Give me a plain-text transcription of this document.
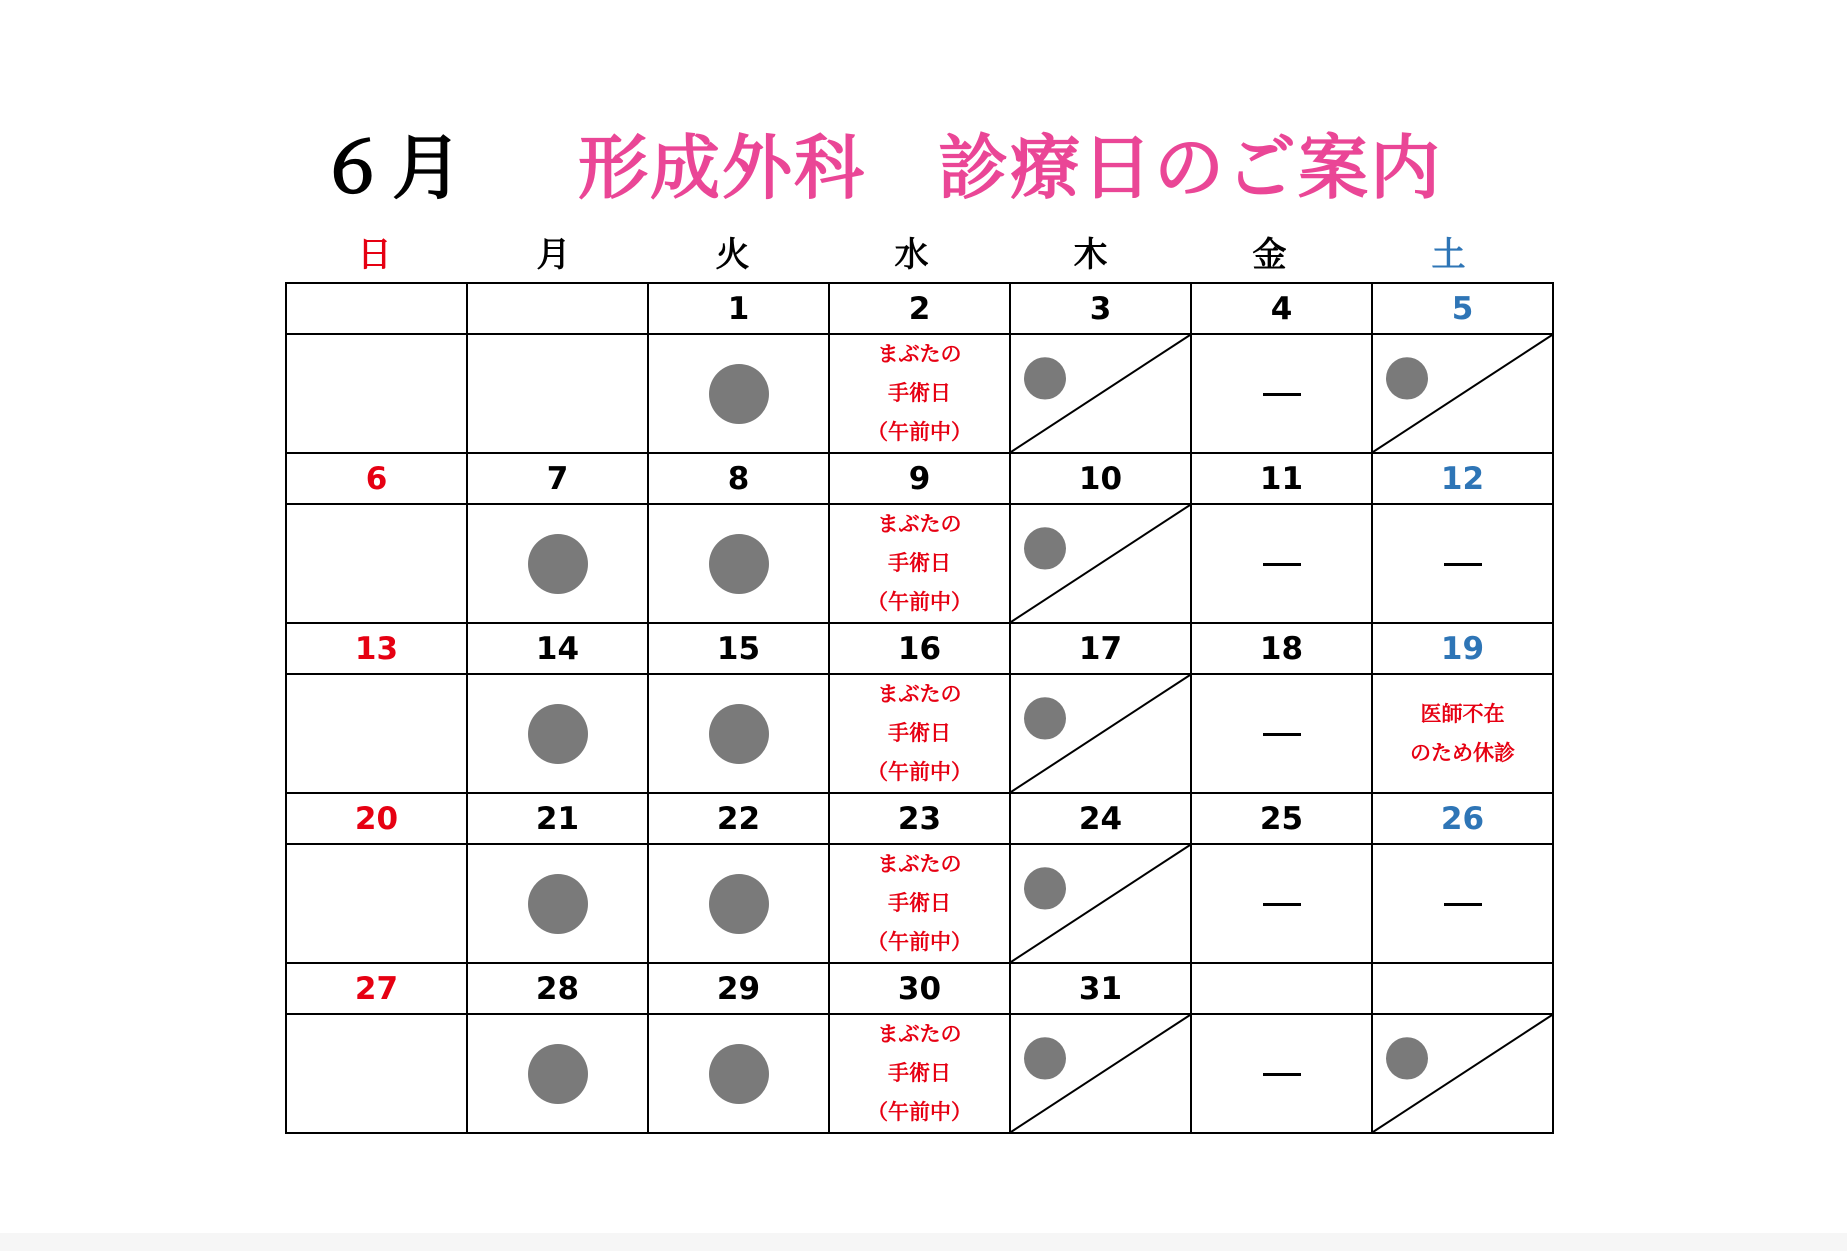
６月 形成外科　診療日のご案内
日	月	火	水	木	金	土
		1	2	3	4	5
			まぶたの
手術日
（午前中）	

6	7	8	9	10	11	12
			まぶたの
手術日
（午前中）	

13	14	15	16	17	18	19
			まぶたの
手術日
（午前中）			医師不在
のため休診
20	21	22	23	24	25	26
			まぶたの
手術日
（午前中）	

27	28	29	30	31		
			まぶたの
手術日
（午前中）	
